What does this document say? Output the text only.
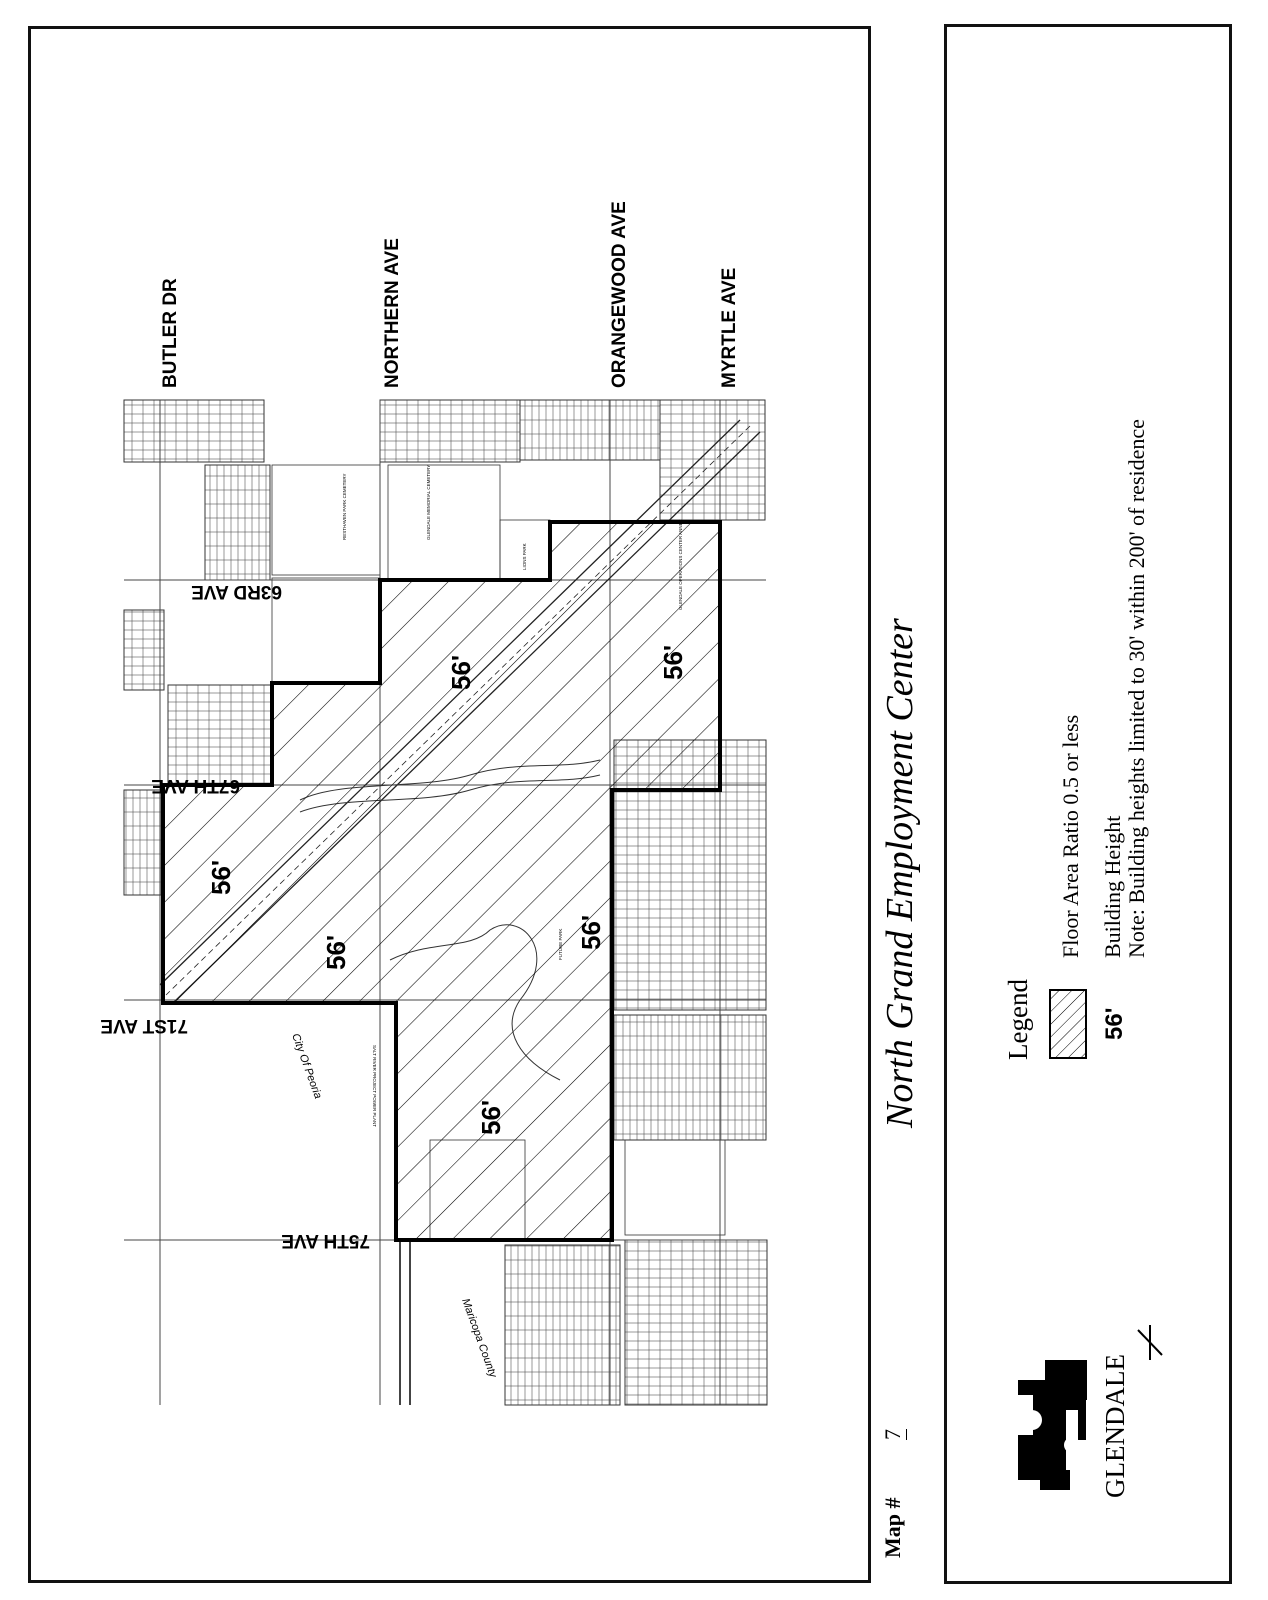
BUTLER DR	NORTHERN AVE	ORANGEWOOD AVE	MYRTLE AVE
63RD AVE
67TH AVE
71ST AVE
75TH AVE
City Of Peoria
Maricopa County
SALT RIVER PROJECT POWER PLANT
RESTHAVEN PARK CEMETERY	GLENDALE MEMORIAL CEMETERY
LIONS PARK	GLENDALE OPERATIONS CENTER ANNEX
FUTURE PARK
56'	56'
56'
56'
56'
56'	North Grand Employment Center
Map #
7
Legend
Floor Area Ratio 0.5 or less
56'
Building Height Note: Building heights limited to 30' within 200' of residence
GLENDALE
